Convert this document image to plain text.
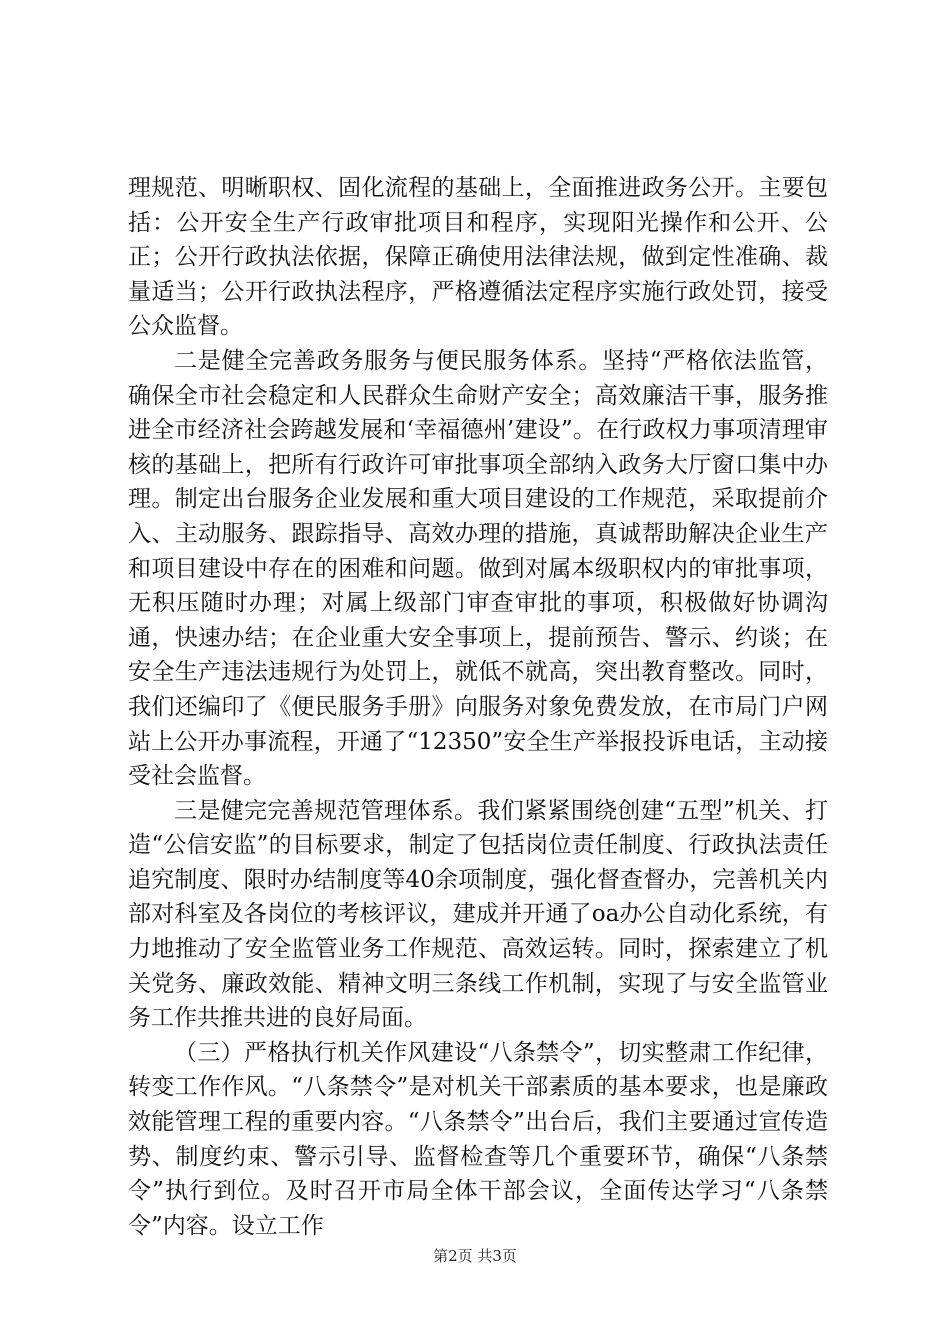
理规范、明晰职权、固化流程的基础上，全面推进政务公开。主要包括：公开安全生产行政审批项目和程序，实现阳光操作和公开、公正；公开行政执法依据，保障正确使用法律法规，做到定性准确、裁量适当；公开行政执法程序，严格遵循法定程序实施行政处罚，接受公众监督。

二是健全完善政务服务与便民服务体系。坚持“严格依法监管，确保全市社会稳定和人民群众生命财产安全；高效廉洁干事，服务推进全市经济社会跨越发展和‘幸福德州’建设”。在行政权力事项清理审核的基础上，把所有行政许可审批事项全部纳入政务大厅窗口集中办理。制定出台服务企业发展和重大项目建设的工作规范，采取提前介入、主动服务、跟踪指导、高效办理的措施，真诚帮助解决企业生产和项目建设中存在的困难和问题。做到对属本级职权内的审批事项，无积压随时办理；对属上级部门审查审批的事项，积极做好协调沟通，快速办结；在企业重大安全事项上，提前预告、警示、约谈；在安全生产违法违规行为处罚上，就低不就高，突出教育整改。同时，我们还编印了《便民服务手册》向服务对象免费发放，在市局门户网站上公开办事流程，开通了“12350”安全生产举报投诉电话，主动接受社会监督。

三是健完完善规范管理体系。我们紧紧围绕创建“五型”机关、打造“公信安监”的目标要求，制定了包括岗位责任制度、行政执法责任追究制度、限时办结制度等40余项制度，强化督查督办，完善机关内部对科室及各岗位的考核评议，建成并开通了oa办公自动化系统，有力地推动了安全监管业务工作规范、高效运转。同时，探索建立了机关党务、廉政效能、精神文明三条线工作机制，实现了与安全监管业务工作共推共进的良好局面。

（三）严格执行机关作风建设“八条禁令”，切实整肃工作纪律，转变工作作风。“八条禁令”是对机关干部素质的基本要求，也是廉政效能管理工程的重要内容。“八条禁令”出台后，我们主要通过宣传造势、制度约束、警示引导、监督检查等几个重要环节，确保“八条禁令”执行到位。及时召开市局全体干部会议，全面传达学习“八条禁令”内容。设立工作

第2页 共3页
